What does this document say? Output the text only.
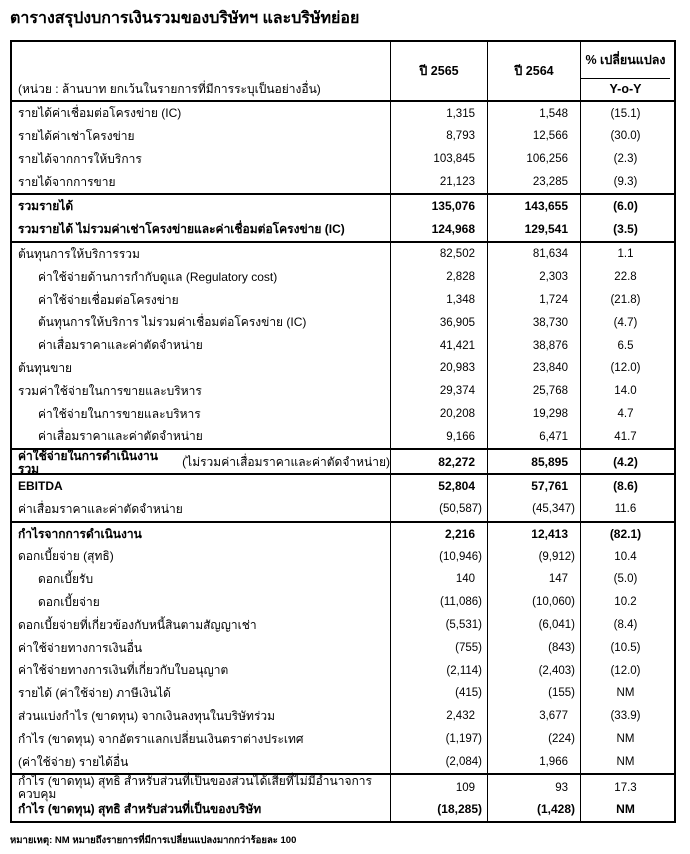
ตารางสรุปงบการเงินรวมของบริษัทฯ และบริษัทย่อย
(หน่วย : ล้านบาท ยกเว้นในรายการที่มีการระบุเป็นอย่างอื่น)
ปี 2565	ปี 2564
% เปลี่ยนแปลง
Y-o-Y
รายได้ค่าเชื่อมต่อโครงข่าย (IC)	1,315	1,548	(15.1)
รายได้ค่าเช่าโครงข่าย	8,793	12,566	(30.0)
รายได้จากการให้บริการ	103,845	106,256	(2.3)
รายได้จากการขาย	21,123	23,285	(9.3)
รวมรายได้	135,076	143,655	(6.0)
รวมรายได้ ไม่รวมค่าเช่าโครงข่ายและค่าเชื่อมต่อโครงข่าย (IC)	124,968	129,541	(3.5)
ต้นทุนการให้บริการรวม	82,502	81,634	1.1
ค่าใช้จ่ายด้านการกำกับดูแล (Regulatory cost)	2,828	2,303	22.8
ค่าใช้จ่ายเชื่อมต่อโครงข่าย	1,348	1,724	(21.8)
ต้นทุนการให้บริการ ไม่รวมค่าเชื่อมต่อโครงข่าย (IC)	36,905	38,730	(4.7)
ค่าเสื่อมราคาและค่าตัดจำหน่าย	41,421	38,876	6.5
ต้นทุนขาย	20,983	23,840	(12.0)
รวมค่าใช้จ่ายในการขายและบริหาร	29,374	25,768	14.0
ค่าใช้จ่ายในการขายและบริหาร	20,208	19,298	4.7
ค่าเสื่อมราคาและค่าตัดจำหน่าย	9,166	6,471	41.7
ค่าใช้จ่ายในการดำเนินงานรวม	(ไม่รวมค่าเสื่อมราคาและค่าตัดจำหน่าย)	82,272	85,895	(4.2)
EBITDA	52,804	57,761	(8.6)
ค่าเสื่อมราคาและค่าตัดจำหน่าย	(50,587)	(45,347)	11.6
กำไรจากการดำเนินงาน	2,216	12,413	(82.1)
ดอกเบี้ยจ่าย (สุทธิ)	(10,946)	(9,912)	10.4
ดอกเบี้ยรับ	140	147	(5.0)
ดอกเบี้ยจ่าย	(11,086)	(10,060)	10.2
ดอกเบี้ยจ่ายที่เกี่ยวข้องกับหนี้สินตามสัญญาเช่า	(5,531)	(6,041)	(8.4)
ค่าใช้จ่ายทางการเงินอื่น	(755)	(843)	(10.5)
ค่าใช้จ่ายทางการเงินที่เกี่ยวกับใบอนุญาต	(2,114)	(2,403)	(12.0)
รายได้ (ค่าใช้จ่าย) ภาษีเงินได้	(415)	(155)	NM
ส่วนแบ่งกำไร (ขาดทุน) จากเงินลงทุนในบริษัทร่วม	2,432	3,677	(33.9)
กำไร (ขาดทุน) จากอัตราแลกเปลี่ยนเงินตราต่างประเทศ	(1,197)	(224)	NM
(ค่าใช้จ่าย) รายได้อื่น	(2,084)	1,966	NM
กำไร (ขาดทุน) สุทธิ สำหรับส่วนที่เป็นของส่วนได้เสียที่ไม่มีอำนาจการควบคุม	109	93	17.3
กำไร (ขาดทุน) สุทธิ สำหรับส่วนที่เป็นของบริษัท	(18,285)	(1,428)	NM
หมายเหตุ: NM หมายถึงรายการที่มีการเปลี่ยนแปลงมากกว่าร้อยละ 100
